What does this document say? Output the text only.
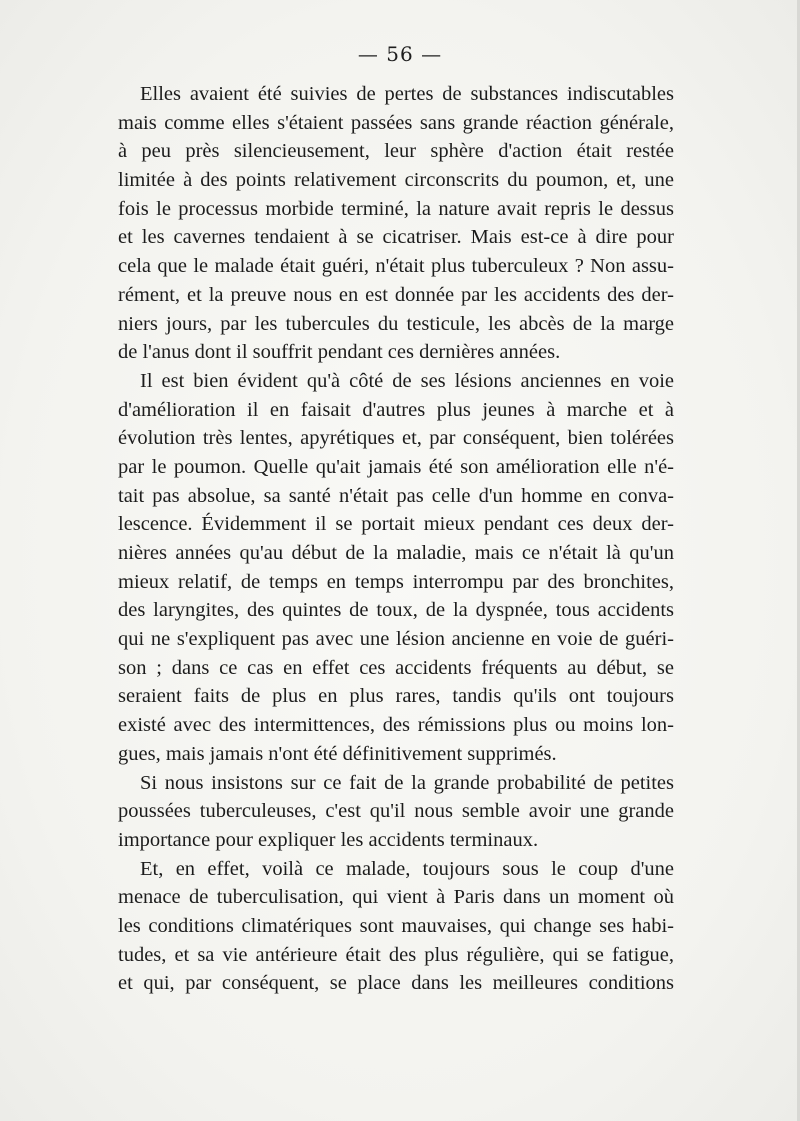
— 56 —
Elles avaient été suivies de pertes de substances indiscutables
mais comme elles s'étaient passées sans grande réaction générale,
à peu près silencieusement, leur sphère d'action était restée
limitée à des points relativement circonscrits du poumon, et, une
fois le processus morbide terminé, la nature avait repris le dessus
et les cavernes tendaient à se cicatriser. Mais est-ce à dire pour
cela que le malade était guéri, n'était plus tuberculeux ? Non assu-
rément, et la preuve nous en est donnée par les accidents des der-
niers jours, par les tubercules du testicule, les abcès de la marge
de l'anus dont il souffrit pendant ces dernières années.
Il est bien évident qu'à côté de ses lésions anciennes en voie
d'amélioration il en faisait d'autres plus jeunes à marche et à
évolution très lentes, apyrétiques et, par conséquent, bien tolérées
par le poumon. Quelle qu'ait jamais été son amélioration elle n'é-
tait pas absolue, sa santé n'était pas celle d'un homme en conva-
lescence. Évidemment il se portait mieux pendant ces deux der-
nières années qu'au début de la maladie, mais ce n'était là qu'un
mieux relatif, de temps en temps interrompu par des bronchites,
des laryngites, des quintes de toux, de la dyspnée, tous accidents
qui ne s'expliquent pas avec une lésion ancienne en voie de guéri-
son ; dans ce cas en effet ces accidents fréquents au début, se
seraient faits de plus en plus rares, tandis qu'ils ont toujours
existé avec des intermittences, des rémissions plus ou moins lon-
gues, mais jamais n'ont été définitivement supprimés.
Si nous insistons sur ce fait de la grande probabilité de petites
poussées tuberculeuses, c'est qu'il nous semble avoir une grande
importance pour expliquer les accidents terminaux.
Et, en effet, voilà ce malade, toujours sous le coup d'une
menace de tuberculisation, qui vient à Paris dans un moment où
les conditions climatériques sont mauvaises, qui change ses habi-
tudes, et sa vie antérieure était des plus régulière, qui se fatigue,
et qui, par conséquent, se place dans les meilleures conditions
